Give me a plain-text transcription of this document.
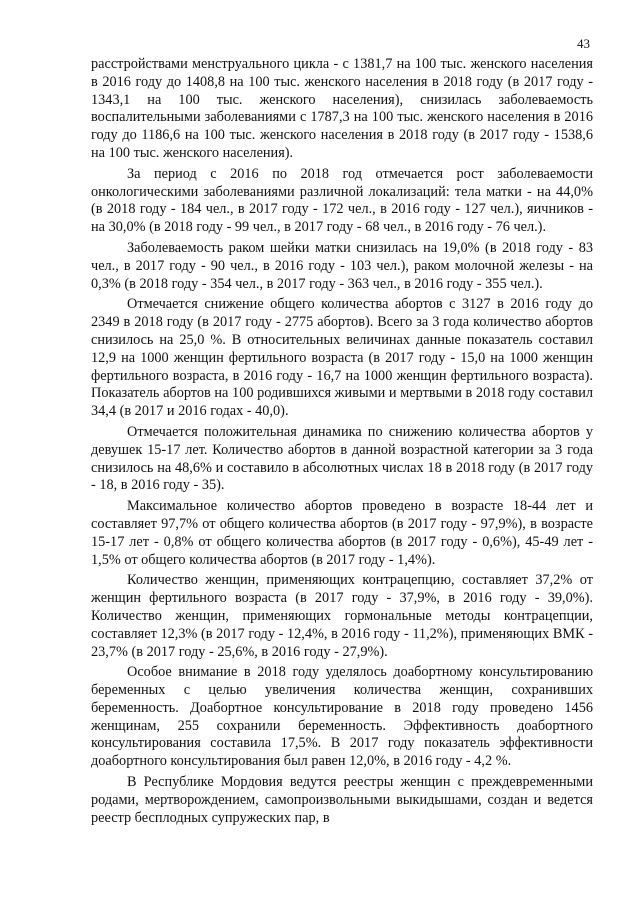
43

расстройствами менструального цикла - с 1381,7 на 100 тыс. женского населения в 2016 году до 1408,8 на 100 тыс. женского населения в 2018 году (в 2017 году - 1343,1 на 100 тыс. женского населения), снизилась заболеваемость воспалительными заболеваниями с 1787,3 на 100 тыс. женского населения в 2016 году до 1186,6 на 100 тыс. женского населения в 2018 году (в 2017 году - 1538,6 на 100 тыс. женского населения).

За период с 2016 по 2018 год отмечается рост заболеваемости онкологическими заболеваниями различной локализаций: тела матки - на 44,0% (в 2018 году - 184 чел., в 2017 году - 172 чел., в 2016 году - 127 чел.), яичников - на 30,0% (в 2018 году - 99 чел., в 2017 году - 68 чел., в 2016 году - 76 чел.).

Заболеваемость раком шейки матки снизилась на 19,0% (в 2018 году - 83 чел., в 2017 году - 90 чел., в 2016 году - 103 чел.), раком молочной железы - на 0,3% (в 2018 году - 354 чел., в 2017 году - 363 чел., в 2016 году - 355 чел.).

Отмечается снижение общего количества абортов с 3127 в 2016 году до 2349 в 2018 году (в 2017 году - 2775 абортов). Всего за 3 года количество абортов снизилось на 25,0 %. В относительных величинах данные показатель составил 12,9 на 1000 женщин фертильного возраста (в 2017 году - 15,0 на 1000 женщин фертильного возраста, в 2016 году - 16,7 на 1000 женщин фертильного возраста). Показатель абортов на 100 родившихся живыми и мертвыми в 2018 году составил 34,4 (в 2017 и 2016 годах - 40,0).

Отмечается положительная динамика по снижению количества абортов у девушек 15-17 лет. Количество абортов в данной возрастной категории за 3 года снизилось на 48,6% и составило в абсолютных числах 18 в 2018 году (в 2017 году - 18, в 2016 году - 35).

Максимальное количество абортов проведено в возрасте 18-44 лет и составляет 97,7% от общего количества абортов (в 2017 году - 97,9%), в возрасте 15-17 лет - 0,8% от общего количества абортов (в 2017 году - 0,6%), 45-49 лет - 1,5% от общего количества абортов (в 2017 году - 1,4%).

Количество женщин, применяющих контрацепцию, составляет 37,2% от женщин фертильного возраста (в 2017 году - 37,9%, в 2016 году - 39,0%). Количество женщин, применяющих гормональные методы контрацепции, составляет 12,3% (в 2017 году - 12,4%, в 2016 году - 11,2%), применяющих ВМК - 23,7% (в 2017 году - 25,6%, в 2016 году - 27,9%).

Особое внимание в 2018 году уделялось доабортному консультированию беременных с целью увеличения количества женщин, сохранивших беременность. Доабортное консультирование в 2018 году проведено 1456 женщинам, 255 сохранили беременность. Эффективность доабортного консультирования составила 17,5%. В 2017 году показатель эффективности доабортного консультирования был равен 12,0%, в 2016 году - 4,2 %.

В Республике Мордовия ведутся реестры женщин с преждевременными родами, мертворождением, самопроизвольными выкидышами, создан и ведется реестр бесплодных супружеских пар, в
